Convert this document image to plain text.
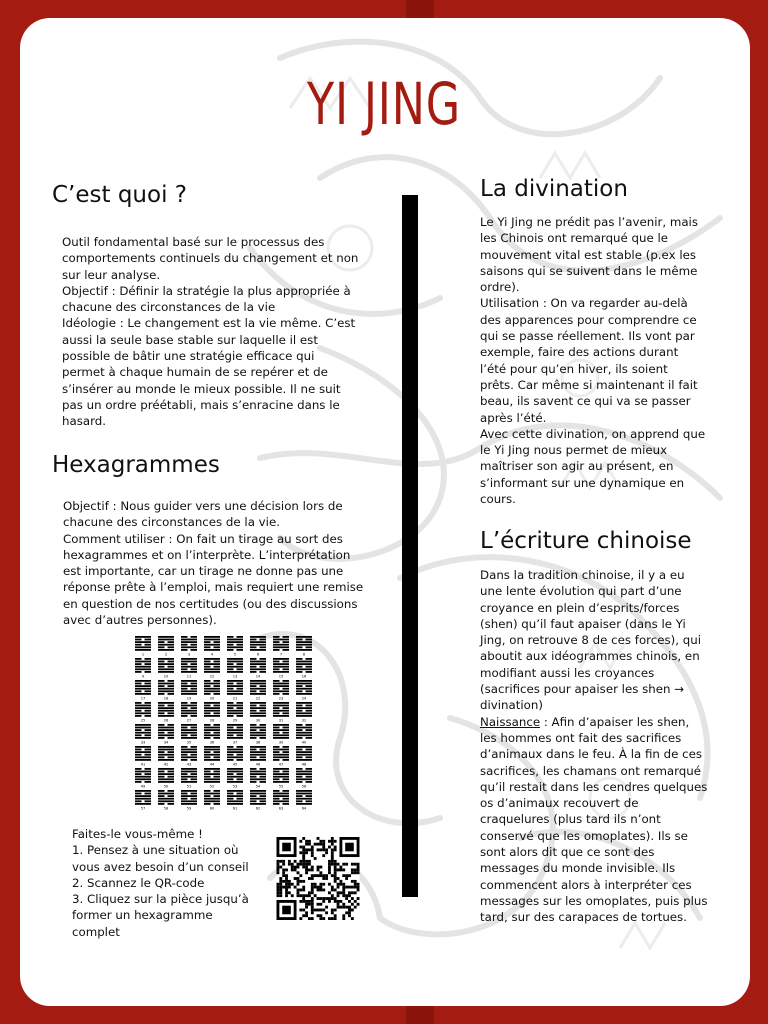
YI JING
C’est quoi ?
Outil fondamental basé sur le processus des
comportements continuels du changement et non
sur leur analyse.
Objectif : Définir la stratégie la plus appropriée à
chacune des circonstances de la vie
Idéologie : Le changement est la vie même. C’est
aussi la seule base stable sur laquelle il est
possible de bâtir une stratégie efficace qui
permet à chaque humain de se repérer et de
s’insérer au monde le mieux possible. Il ne suit
pas un ordre préétabli, mais s’enracine dans le
hasard.
Hexagrammes
Objectif : Nous guider vers une décision lors de
chacune des circonstances de la vie.
Comment utiliser : On fait un tirage au sort des
hexagrammes et on l’interprète. L’interprétation
est importante, car un tirage ne donne pas une
réponse prête à l’emploi, mais requiert une remise
en question de nos certitudes (ou des discussions
avec d’autres personnes).
1	2	3	4	5	6	7	8
9	10	11	12	13	14	15	16
17	18	19	20	21	22	23	24
25	26	27	28	29	30	31	32
33	34	35	36	37	38	39	40
41	42	43	44	45	46	47	48
49	50	51	52	53	54	55	56
57	58	59	60	61	62	63	64
Faites-le vous-même !
1. Pensez à une situation où
vous avez besoin d’un conseil
2. Scannez le QR-code
3. Cliquez sur la pièce jusqu’à
former un hexagramme
complet
La divination
Le Yi Jing ne prédit pas l’avenir, mais
les Chinois ont remarqué que le
mouvement vital est stable (p.ex les
saisons qui se suivent dans le même
ordre).
Utilisation : On va regarder au-delà
des apparences pour comprendre ce
qui se passe réellement. Ils vont par
exemple, faire des actions durant
l’été pour qu’en hiver, ils soient
prêts. Car même si maintenant il fait
beau, ils savent ce qui va se passer
après l’été.
Avec cette divination, on apprend que
le Yi Jing nous permet de mieux
maîtriser son agir au présent, en
s’informant sur une dynamique en
cours.
L’écriture chinoise
Dans la tradition chinoise, il y a eu
une lente évolution qui part d’une
croyance en plein d’esprits/forces
(shen) qu’il faut apaiser (dans le Yi
Jing, on retrouve 8 de ces forces), qui
aboutit aux idéogrammes chinois, en
modifiant aussi les croyances
(sacrifices pour apaiser les shen →
divination)
Naissance : Afin d’apaiser les shen,
les hommes ont fait des sacrifices
d’animaux dans le feu. À la fin de ces
sacrifices, les chamans ont remarqué
qu’il restait dans les cendres quelques
os d’animaux recouvert de
craquelures (plus tard ils n’ont
conservé que les omoplates). Ils se
sont alors dit que ce sont des
messages du monde invisible. Ils
commencent alors à interpréter ces
messages sur les omoplates, puis plus
tard, sur des carapaces de tortues.
